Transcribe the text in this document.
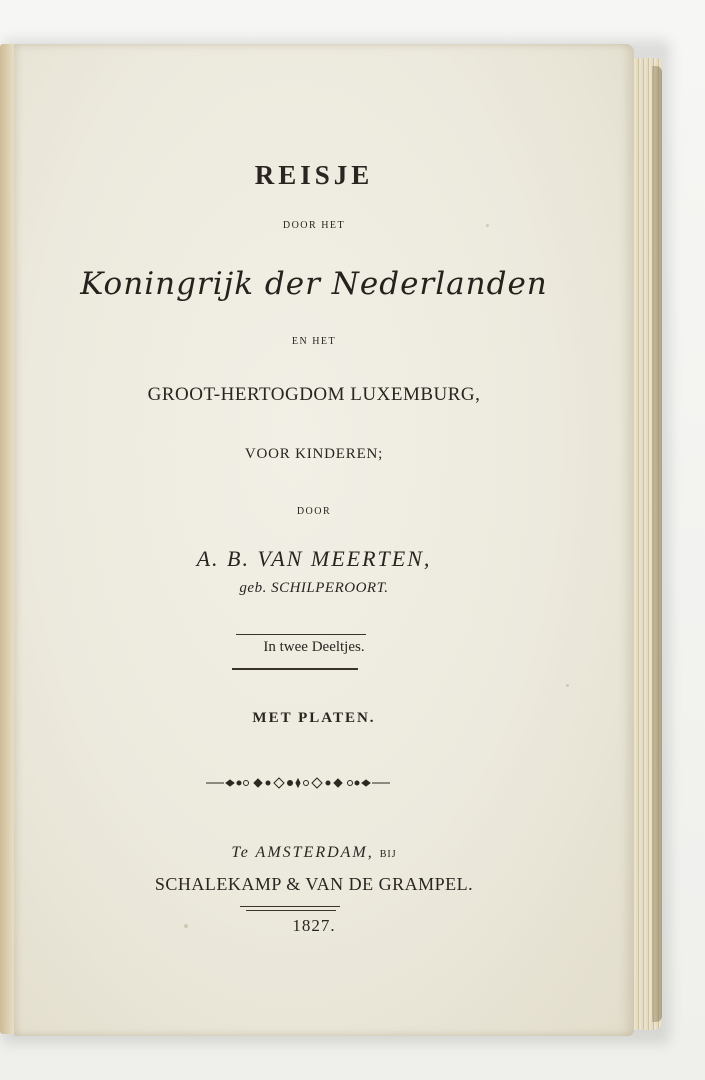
REISJE

DOOR HET

Koningrijk der Nederlanden

EN HET

GROOT-HERTOGDOM LUXEMBURG,

VOOR KINDEREN;

DOOR

A. B. VAN MEERTEN,

geb. SCHILPEROORT.

In twee Deeltjes.

MET PLATEN.

Te AMSTERDAM, BIJ

SCHALEKAMP & VAN DE GRAMPEL.

1827.
